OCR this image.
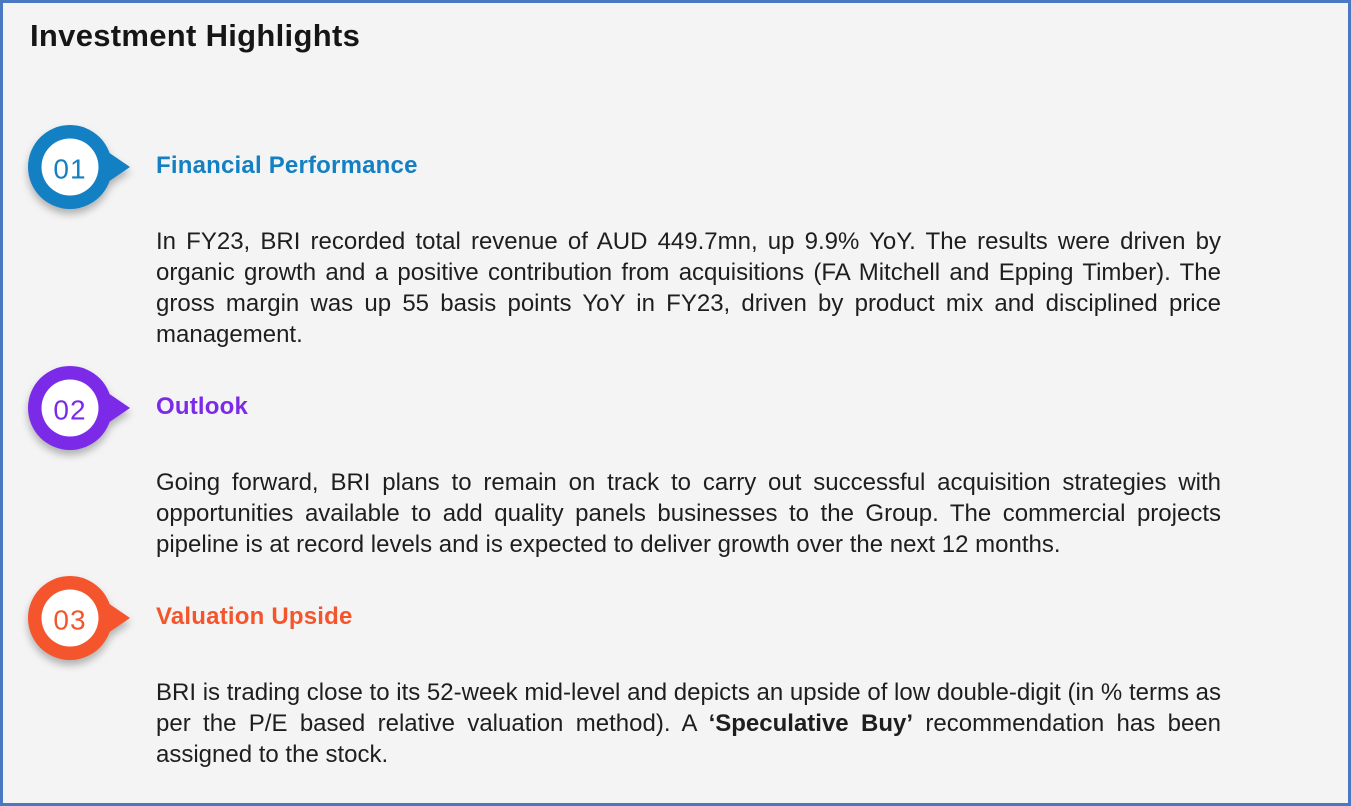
Investment Highlights
01	Financial Performance

In FY23, BRI recorded total revenue of AUD 449.7mn, up 9.9% YoY. The results were driven by organic growth and a positive contribution from acquisitions (FA Mitchell and Epping Timber). The gross margin was up 55 basis points YoY in FY23, driven by product mix and disciplined price management.

02	Outlook

Going forward, BRI plans to remain on track to carry out successful acquisition strategies with opportunities available to add quality panels businesses to the Group. The commercial projects pipeline is at record levels and is expected to deliver growth over the next 12 months.

03	Valuation Upside

BRI is trading close to its 52-week mid-level and depicts an upside of low double-digit (in % terms as per the P/E based relative valuation method). A ‘Speculative Buy’ recommendation has been assigned to the stock.
